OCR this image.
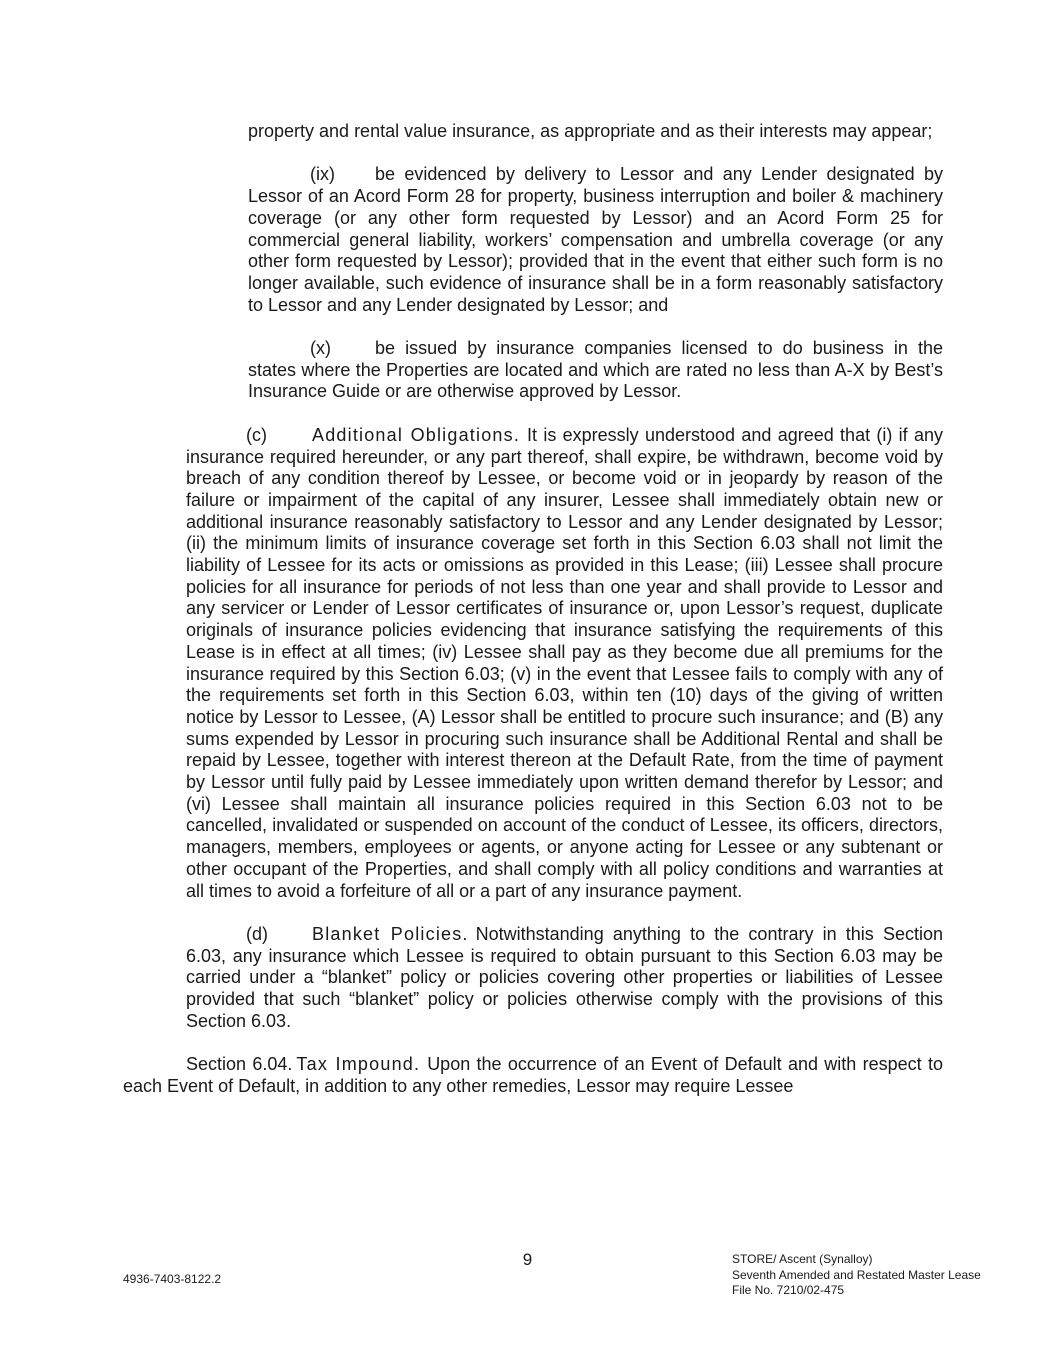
property and rental value insurance, as appropriate and as their interests may appear;

(ix) be evidenced by delivery to Lessor and any Lender designated by Lessor of an Acord Form 28 for property, business interruption and boiler & machinery coverage (or any other form requested by Lessor) and an Acord Form 25 for commercial general liability, workers’ compensation and umbrella coverage (or any other form requested by Lessor); provided that in the event that either such form is no longer available, such evidence of insurance shall be in a form reasonably satisfactory to Lessor and any Lender designated by Lessor; and

(x) be issued by insurance companies licensed to do business in the states where the Properties are located and which are rated no less than A-X by Best’s Insurance Guide or are otherwise approved by Lessor.

(c)	Additional Obligations. It is expressly understood and agreed that (i) if any insurance required hereunder, or any part thereof, shall expire, be withdrawn, become void by breach of any condition thereof by Lessee, or become void or in jeopardy by reason of the failure or impairment of the capital of any insurer, Lessee shall immediately obtain new or additional insurance reasonably satisfactory to Lessor and any Lender designated by Lessor; (ii) the minimum limits of insurance coverage set forth in this Section 6.03 shall not limit the liability of Lessee for its acts or omissions as provided in this Lease; (iii) Lessee shall procure policies for all insurance for periods of not less than one year and shall provide to Lessor and any servicer or Lender of Lessor certificates of insurance or, upon Lessor’s request, duplicate originals of insurance policies evidencing that insurance satisfying the requirements of this Lease is in effect at all times; (iv) Lessee shall pay as they become due all premiums for the insurance required by this Section 6.03; (v) in the event that Lessee fails to comply with any of the requirements set forth in this Section 6.03, within ten (10) days of the giving of written notice by Lessor to Lessee, (A) Lessor shall be entitled to procure such insurance; and (B) any sums expended by Lessor in procuring such insurance shall be Additional Rental and shall be repaid by Lessee, together with interest thereon at the Default Rate, from the time of payment by Lessor until fully paid by Lessee immediately upon written demand therefor by Lessor; and (vi) Lessee shall maintain all insurance policies required in this Section 6.03 not to be cancelled, invalidated or suspended on account of the conduct of Lessee, its officers, directors, managers, members, employees or agents, or anyone acting for Lessee or any subtenant or other occupant of the Properties, and shall comply with all policy conditions and warranties at all times to avoid a forfeiture of all or a part of any insurance payment.

(d) Blanket Policies. Notwithstanding anything to the contrary in this Section 6.03, any insurance which Lessee is required to obtain pursuant to this Section 6.03 may be carried under a “blanket” policy or policies covering other properties or liabilities of Lessee provided that such “blanket” policy or policies otherwise comply with the provisions of this Section 6.03.

Section 6.04. Tax Impound. Upon the occurrence of an Event of Default and with respect to each Event of Default, in addition to any other remedies, Lessor may require Lessee

4936-7403-8122.2
9	STORE/ Ascent (Synalloy)
Seventh Amended and Restated Master Lease
File No. 7210/02-475
